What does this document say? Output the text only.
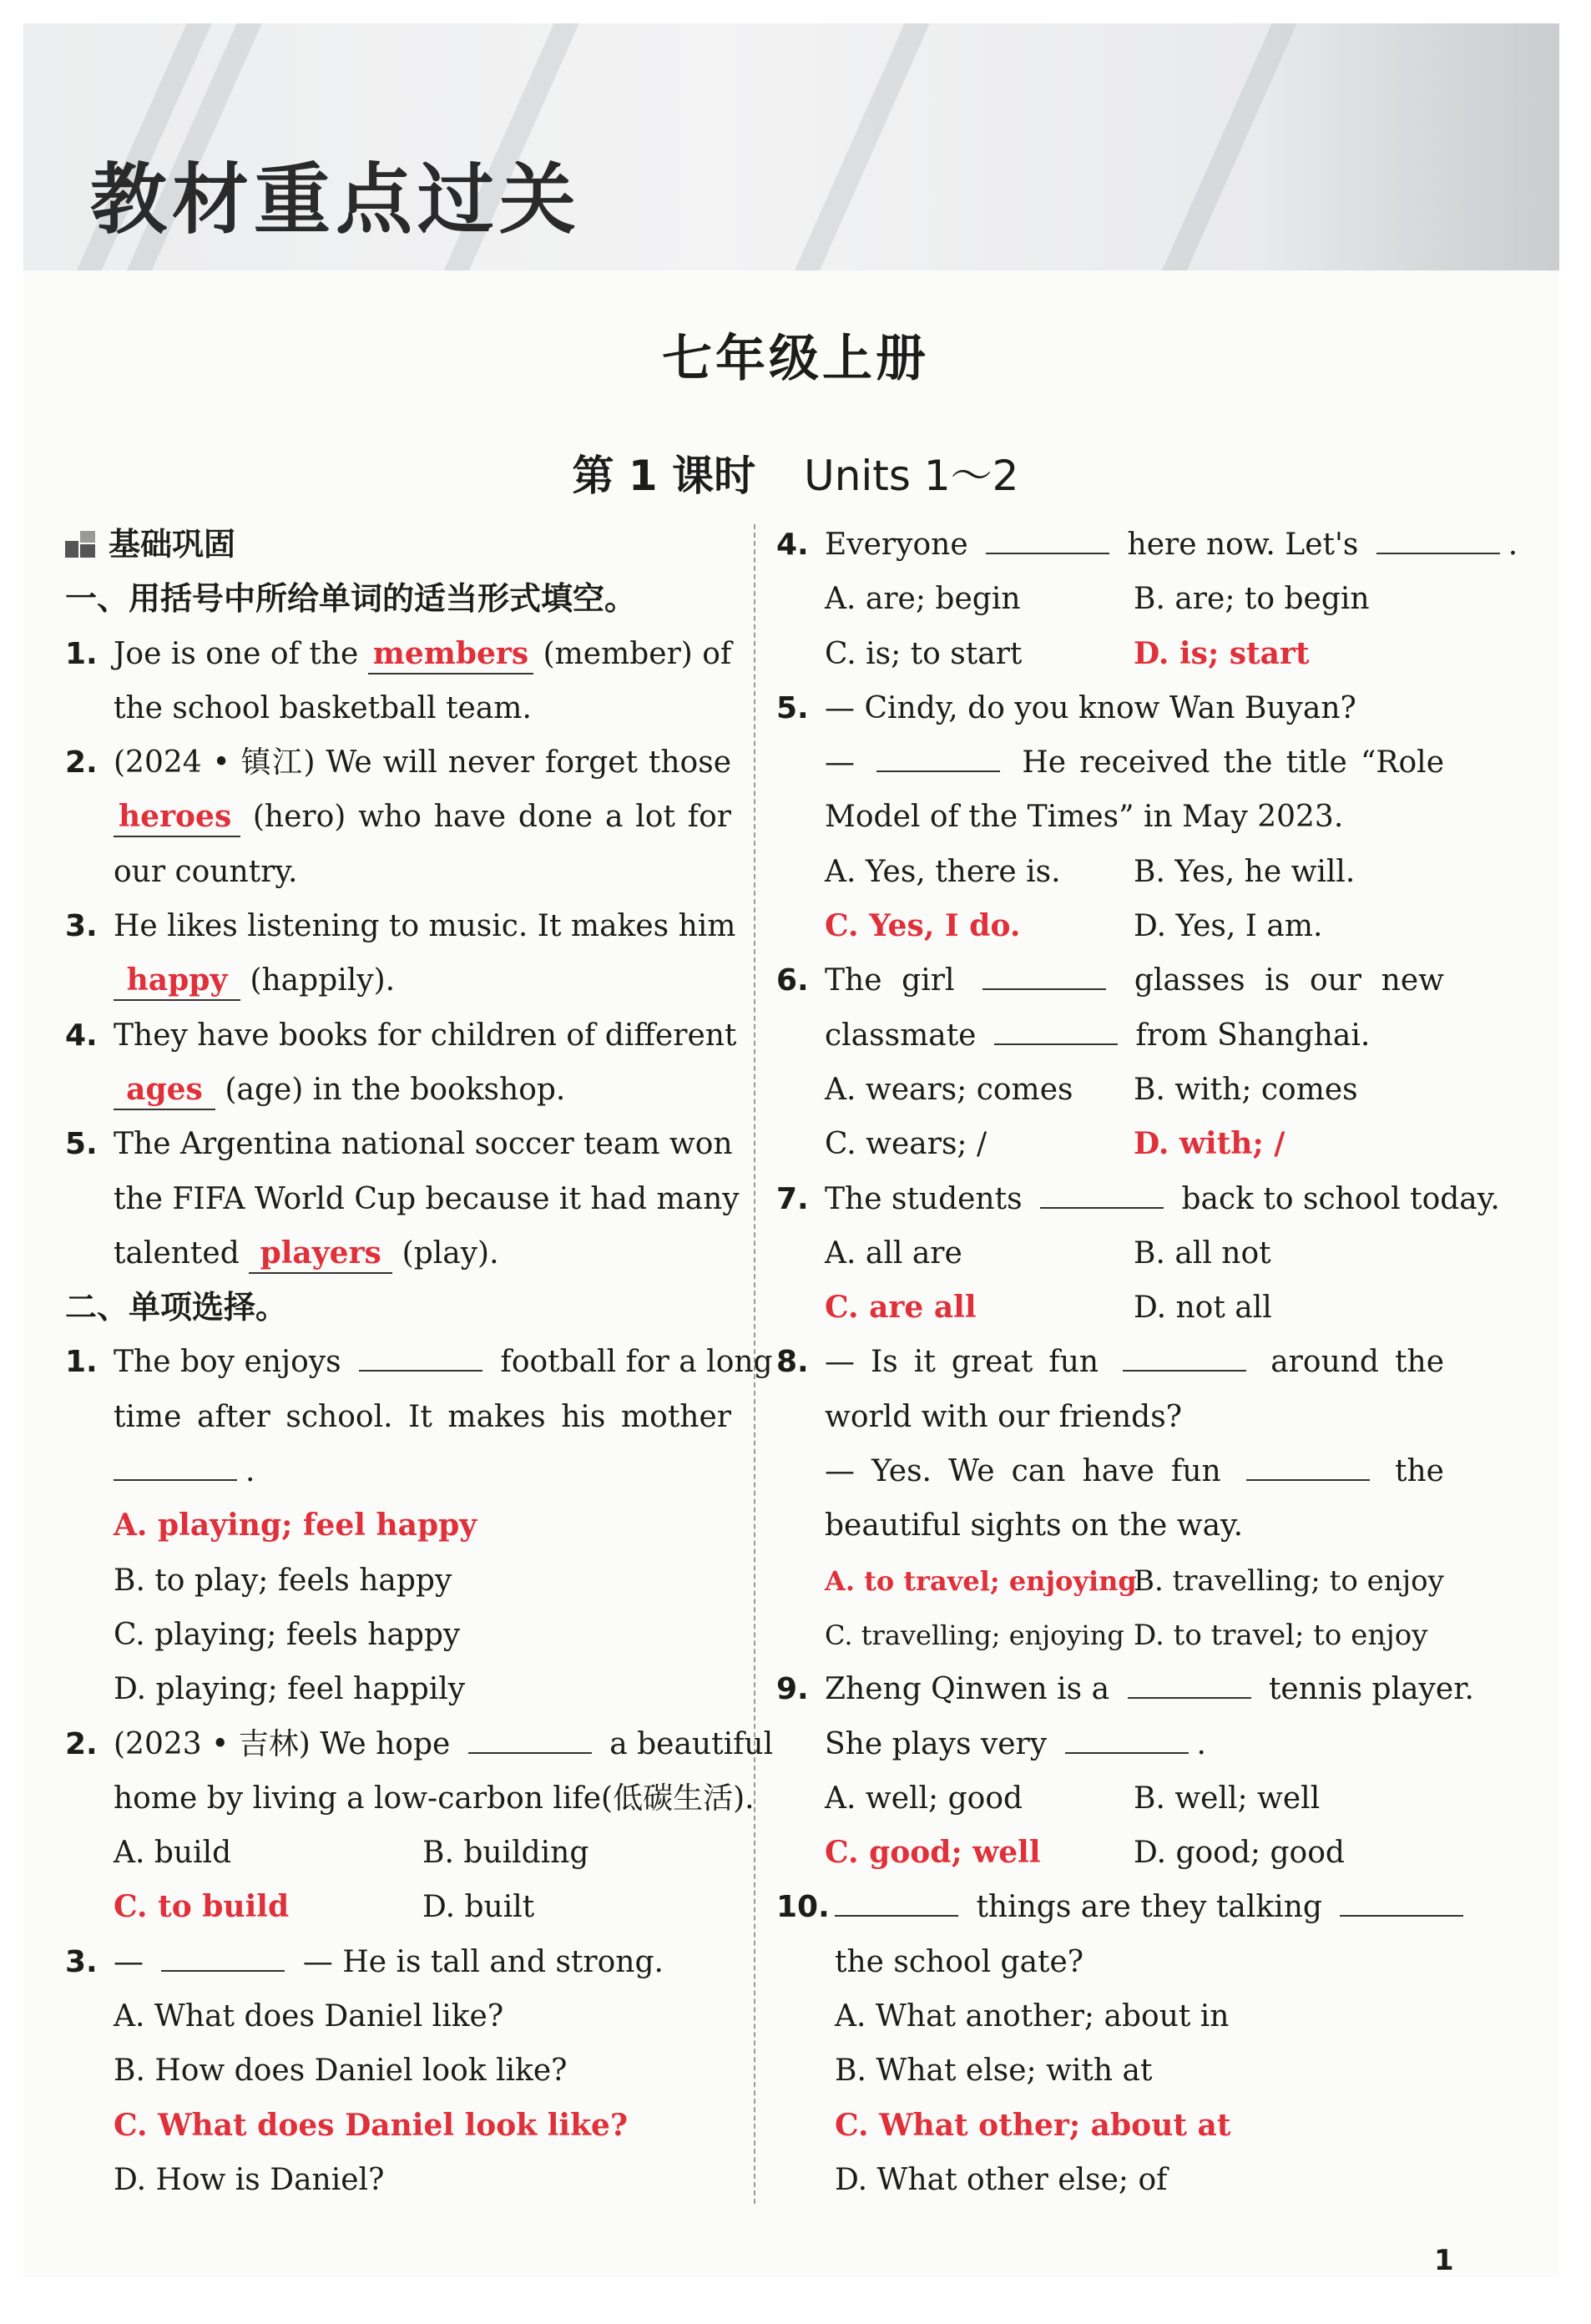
教材重点过关
七年级上册
第 1 课时 Units 1～2
基础巩固
一、用括号中所给单词的适当形式填空。
1. Joe is one of the members (member) of
the school basketball team.
2. (2024 • 镇江) We will never forget those
heroes (hero) who have done a lot for
our country.
3. He likes listening to music. It makes him
happy (happily).
4. They have books for children of different
ages (age) in the bookshop.
5. The Argentina national soccer team won
the FIFA World Cup because it had many
talented players (play).
二、单项选择。
1. The boy enjoys	football for a long
time after school. It makes his mother
.
A. playing; feel happy
B. to play; feels happy
C. playing; feels happy
D. playing; feel happily
2. (2023 • 吉林) We hope	a beautiful
home by living a low-carbon life(低碳生活).
A. build	B. building
C. to build	D. built
3. —	— He is tall and strong.
A. What does Daniel like?
B. How does Daniel look like?
C. What does Daniel look like?
D. How is Daniel?
4. Everyone	here now. Let's	.
A. are; begin	B. are; to begin
C. is; to start	D. is; start
5. — Cindy, do you know Wan Buyan?
—	He received the title “Role
Model of the Times” in May 2023.
A. Yes, there is. B. Yes, he will.
C. Yes, I do.	D. Yes, I am.
6. The girl	glasses is our new
classmate	from Shanghai.
A. wears; comes B. with; comes
C. wears; /	D. with; /
7. The students	back to school today.
A. all are	B. all not
C. are all	D. not all
8. — Is it great fun	around the
world with our friends?
— Yes. We can have fun	the
beautiful sights on the way.
A. to travel; enjoyingB. travelling; to enjoy
C. travelling; enjoying D. to travel; to enjoy
9. Zheng Qinwen is a	tennis player.
She plays very	.
A. well; good	B. well; well
C. good; well	D. good; good
10.	things are they talking
the school gate?
A. What another; about in
B. What else; with at
C. What other; about at
D. What other else; of
1
